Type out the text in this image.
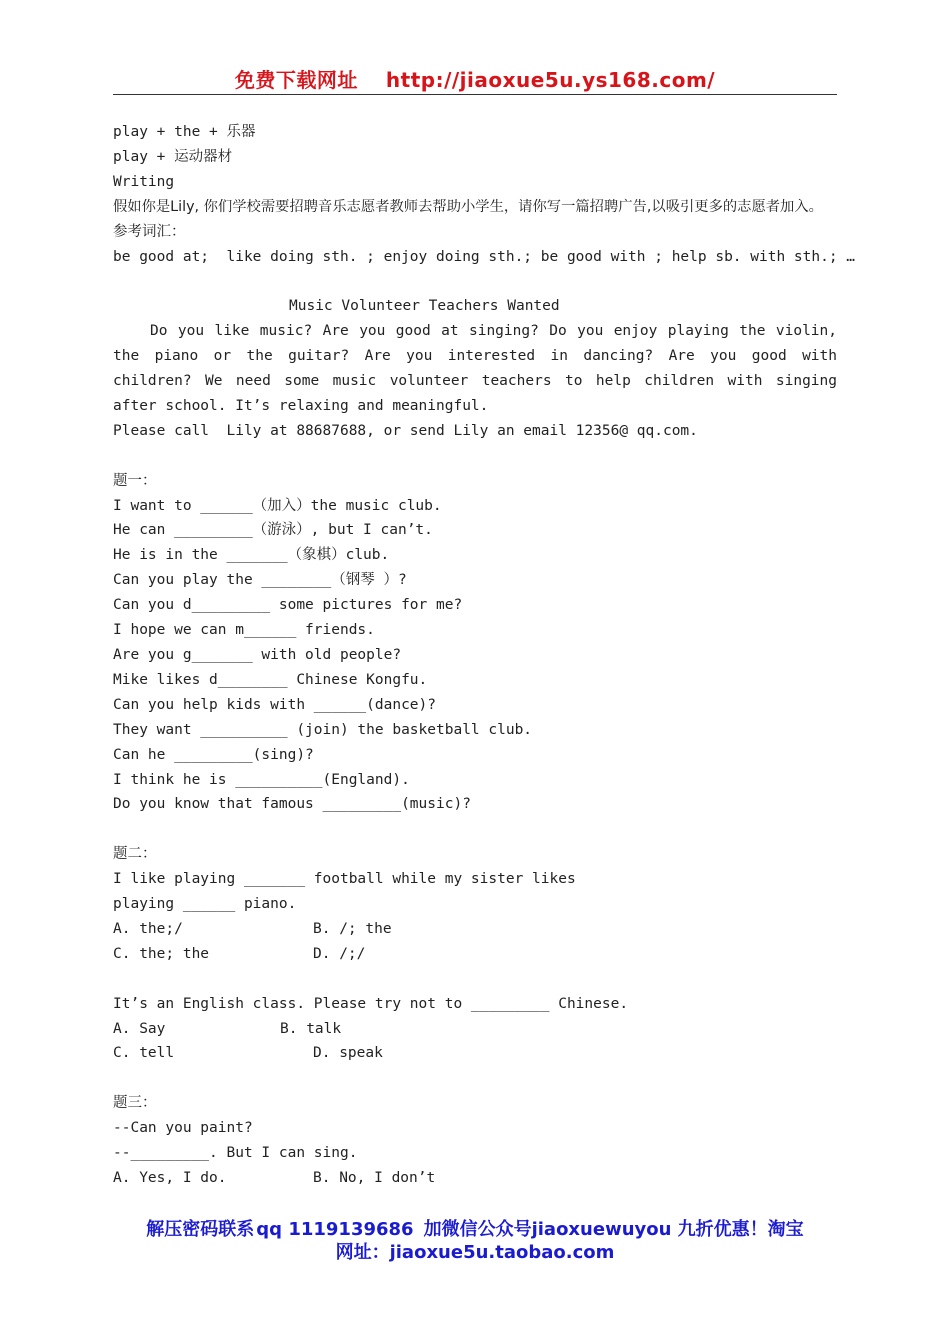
免费下载网址 http://jiaoxue5u.ys168.com/
play + the + 乐器
play + 运动器材
Writing
假如你是Lily, 你们学校需要招聘音乐志愿者教师去帮助小学生，请你写一篇招聘广告,以吸引更多的志愿者加入。
参考词汇：
be good at;  like doing sth. ; enjoy doing sth.; be good with ; help sb. with sth.; …
Music Volunteer Teachers Wanted
Do you like music? Are you good at singing? Do you enjoy playing the violin, the piano or the guitar? Are you interested in dancing? Are you good with children? We need some music volunteer teachers to help children with singing after school. It’s relaxing and meaningful.
Please call  Lily at 88687688, or send Lily an email 12356@ qq.com.
题一：
I want to ______（加入）the music club.
He can _________（游泳）, but I can’t.
He is in the _______（象棋）club.
Can you play the ________（钢琴 ）?
Can you d_________ some pictures for me?
I hope we can m______ friends.
Are you g_______ with old people?
Mike likes d________ Chinese Kongfu.
Can you help kids with ______(dance)?
They want __________ (join) the basketball club.
Can he _________(sing)?
I think he is __________(England).
Do you know that famous _________(music)?
题二：
I like playing _______ football while my sister likes
playing ______ piano.
A. the;/	B. /; the
C. the; the	D. /;/
It’s an English class. Please try not to _________ Chinese.
A. Say	B. talk
C. tell	D. speak
题三：
--Can you paint?
--_________. But I can sing.
A. Yes, I do.	B. No, I don’t
解压密码联系 qq 1119139686 加微信公众号jiaoxuewuyou 九折优惠！淘宝
网址：jiaoxue5u.taobao.com
